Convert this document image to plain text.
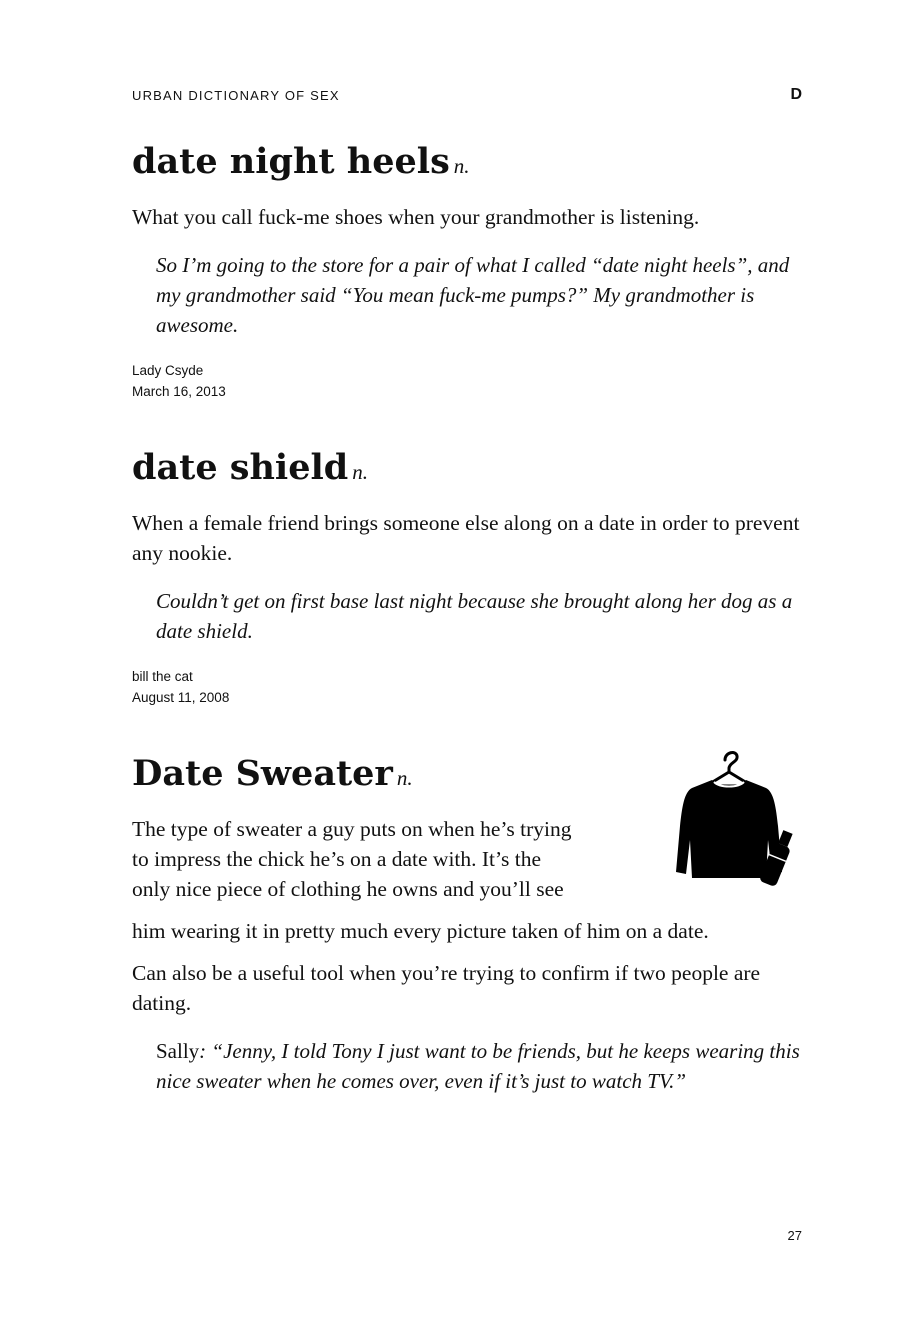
URBAN DICTIONARY OF SEX	D
date night heels n.

What you call fuck-me shoes when your grandmother is listening.

So I’m going to the store for a pair of what I called “date night heels”, and my grandmother said “You mean fuck-me pumps?” My grandmother is awesome.

Lady Csyde
March 16, 2013
date shield n.

When a female friend brings someone else along on a date in order to prevent any nookie.

Couldn’t get on first base last night because she brought along her dog as a date shield.

bill the cat
August 11, 2008
Date Sweater n.
The type of sweater a guy puts on when he’s trying
to impress the chick he’s on a date with. It’s the
only nice piece of clothing he owns and you’ll see
him wearing it in pretty much every picture taken of him on a date.

Can also be a useful tool when you’re trying to confirm if two people are dating.

Sally: “Jenny, I told Tony I just want to be friends, but he keeps wearing this nice sweater when he comes over, even if it’s just to watch TV.”

27
